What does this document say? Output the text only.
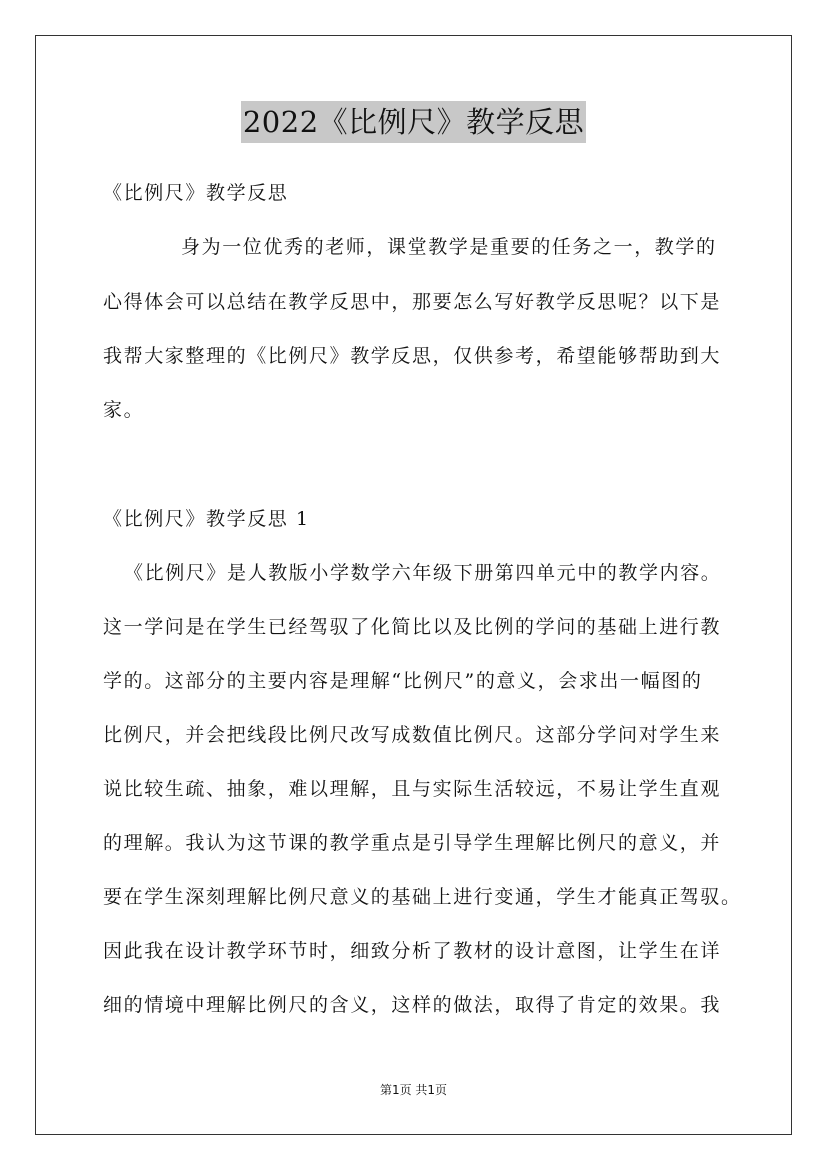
2022《比例尺》教学反思
《比例尺》教学反思
身为一位优秀的老师，课堂教学是重要的任务之一，教学的
心得体会可以总结在教学反思中，那要怎么写好教学反思呢？以下是
我帮大家整理的《比例尺》教学反思，仅供参考，希望能够帮助到大
家。
《比例尺》教学反思 1
《比例尺》是人教版小学数学六年级下册第四单元中的教学内容。
这一学问是在学生已经驾驭了化简比以及比例的学问的基础上进行教
学的。这部分的主要内容是理解“比例尺”的意义，会求出一幅图的
比例尺，并会把线段比例尺改写成数值比例尺。这部分学问对学生来
说比较生疏、抽象，难以理解，且与实际生活较远，不易让学生直观
的理解。我认为这节课的教学重点是引导学生理解比例尺的意义，并
要在学生深刻理解比例尺意义的基础上进行变通，学生才能真正驾驭。
因此我在设计教学环节时，细致分析了教材的设计意图，让学生在详
细的情境中理解比例尺的含义，这样的做法，取得了肯定的效果。我
第1页 共1页
